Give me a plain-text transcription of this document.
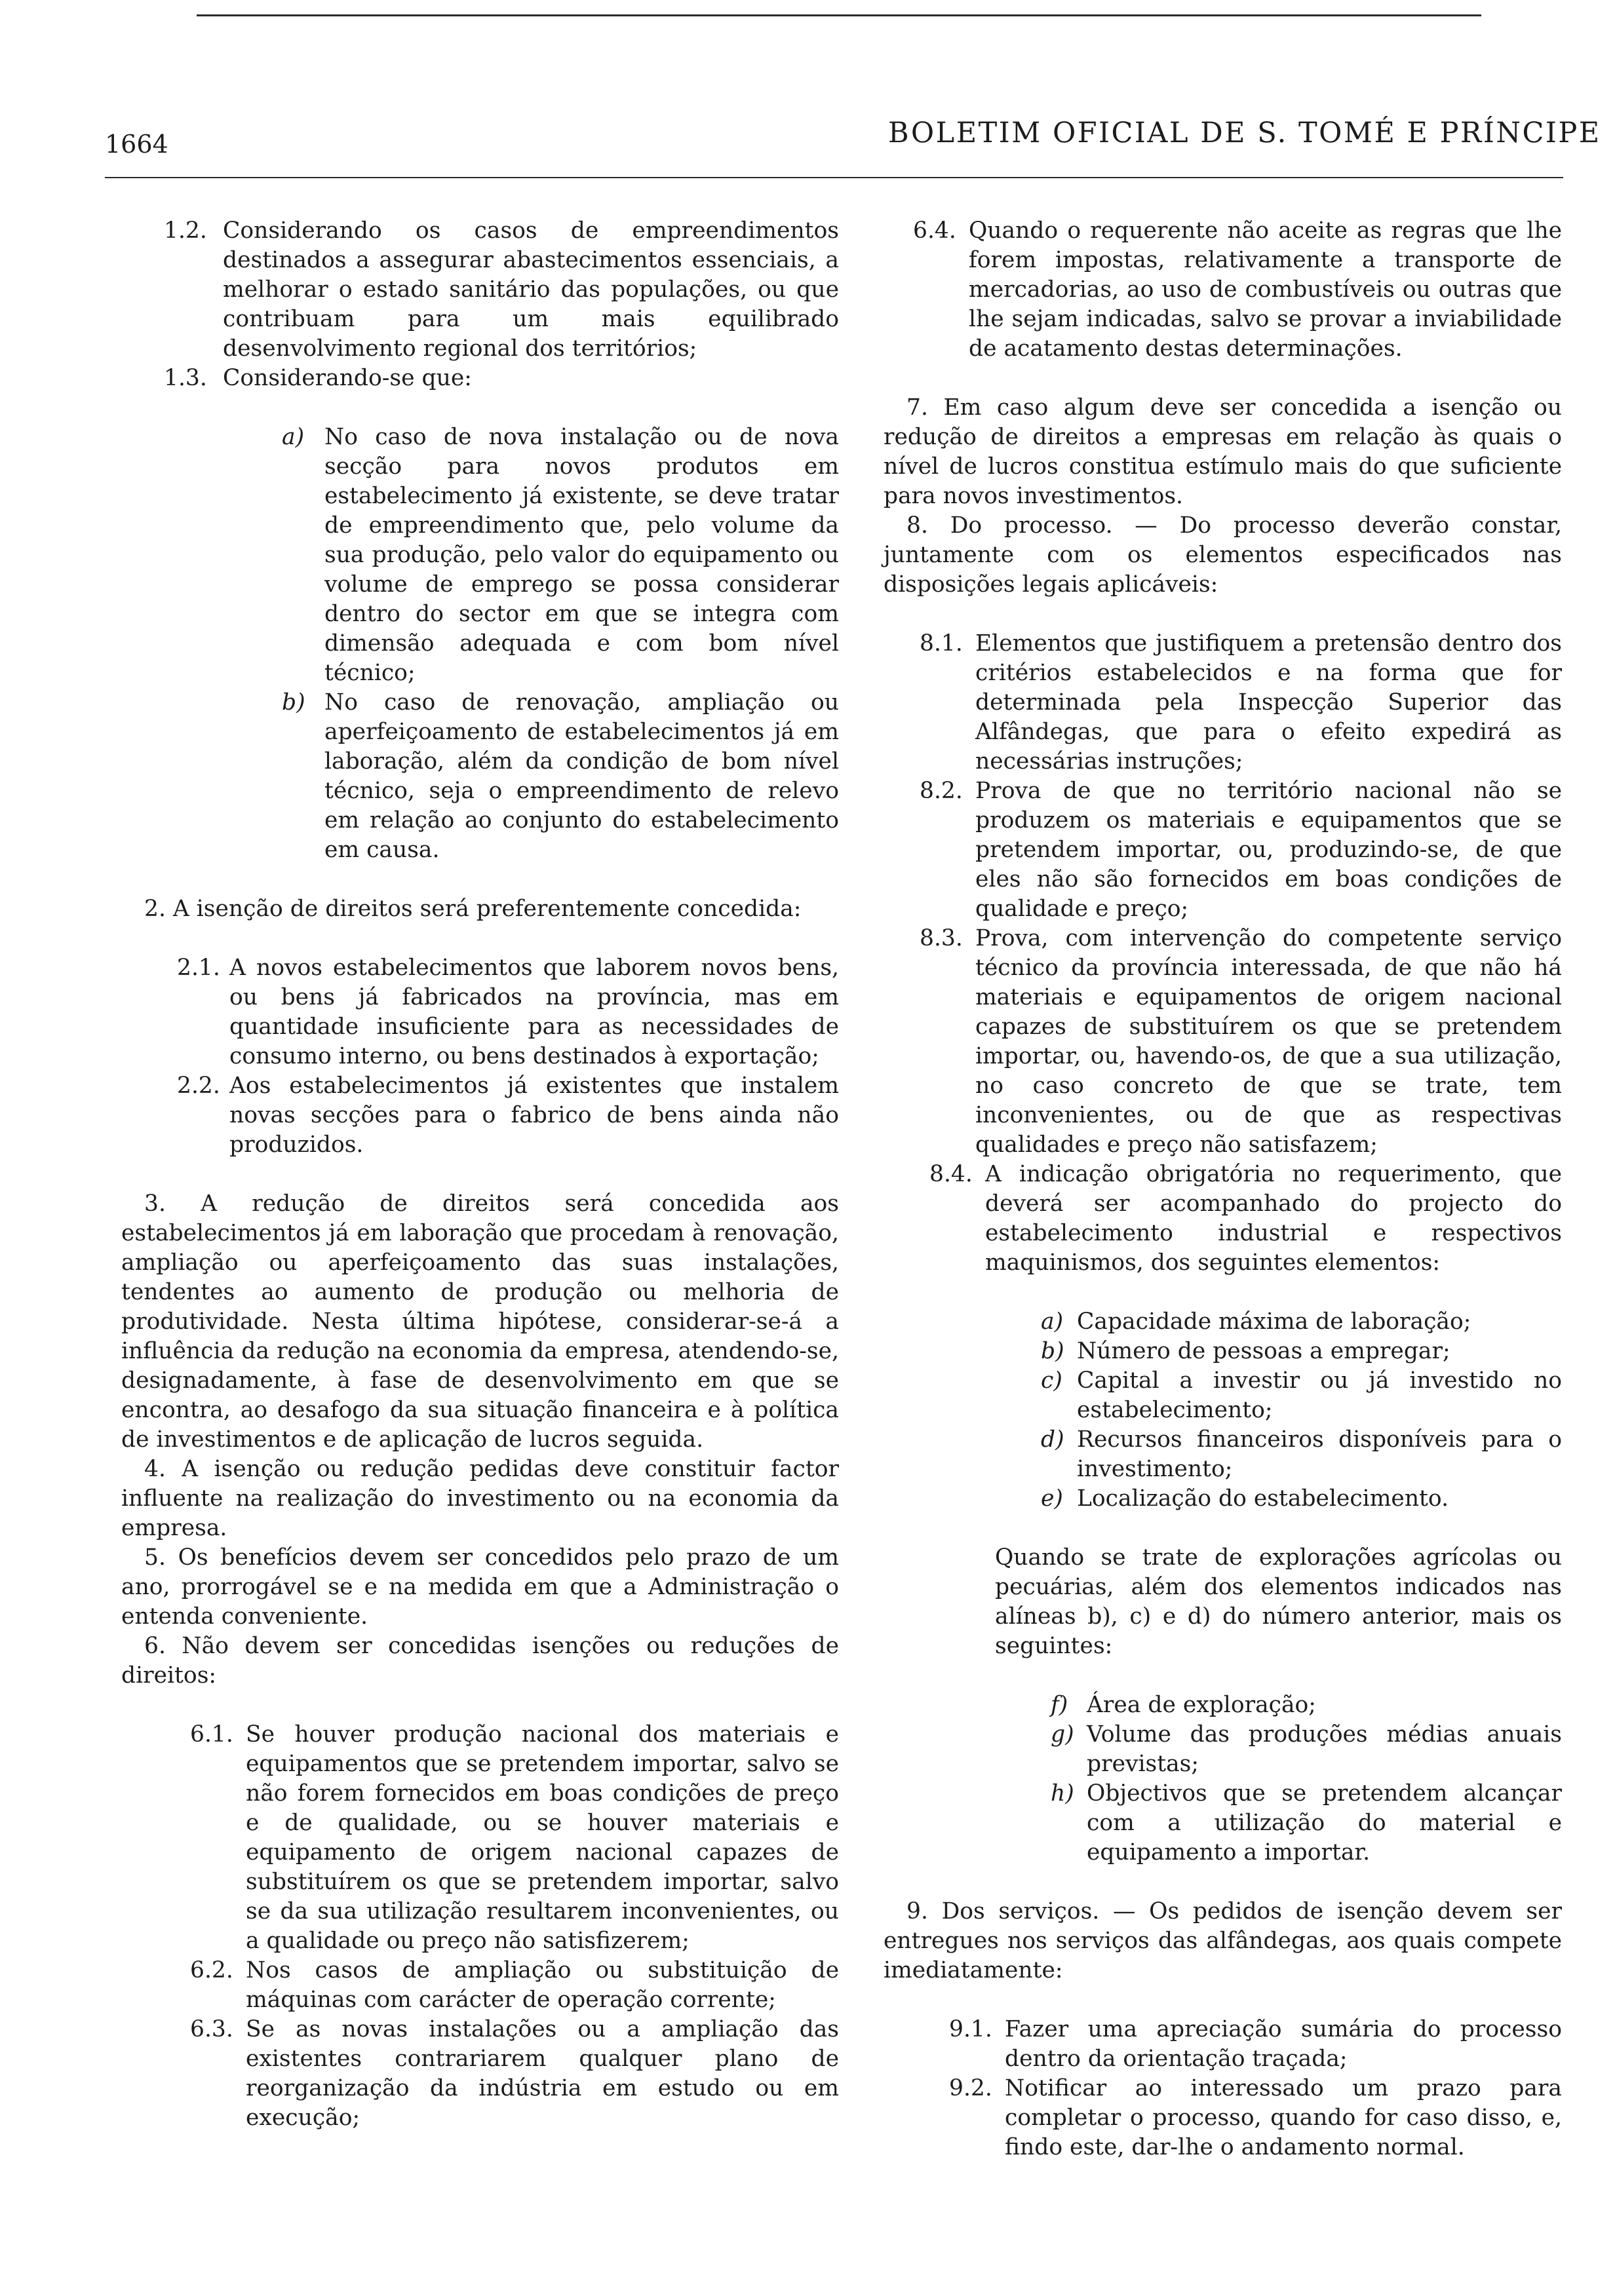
1664	BOLETIM OFICIAL DE S. TOMÉ E PRÍNCIPE

1.2. Considerando os casos de empreendimentos destinados a assegurar abastecimentos essenciais, a melhorar o estado sanitário das populações, ou que contribuam para um mais equilibrado desenvolvimento regional dos territórios;

1.3. Considerando-se que:

a) No caso de nova instalação ou de nova secção para novos produtos em estabelecimento já existente, se deve tratar de empreendimento que, pelo volume da sua produção, pelo valor do equipamento ou volume de emprego se possa considerar dentro do sector em que se integra com dimensão adequada e com bom nível técnico;

b) No caso de renovação, ampliação ou aperfeiçoamento de estabelecimentos já em laboração, além da condição de bom nível técnico, seja o empreendimento de relevo em relação ao conjunto do estabelecimento em causa.

2. A isenção de direitos será preferentemente concedida:

2.1. A novos estabelecimentos que laborem novos bens, ou bens já fabricados na província, mas em quantidade insuficiente para as necessidades de consumo interno, ou bens destinados à exportação;

2.2. Aos estabelecimentos já existentes que instalem novas secções para o fabrico de bens ainda não produzidos.

3. A redução de direitos será concedida aos estabelecimentos já em laboração que procedam à renovação, ampliação ou aperfeiçoamento das suas instalações, tendentes ao aumento de produção ou melhoria de produtividade. Nesta última hipótese, considerar-se-á a influência da redução na economia da empresa, atendendo-se, designadamente, à fase de desenvolvimento em que se encontra, ao desafogo da sua situação financeira e à política de investimentos e de aplicação de lucros seguida.

4. A isenção ou redução pedidas deve constituir factor influente na realização do investimento ou na economia da empresa.

5. Os benefícios devem ser concedidos pelo prazo de um ano, prorrogável se e na medida em que a Administração o entenda conveniente.

6. Não devem ser concedidas isenções ou reduções de direitos:

6.1. Se houver produção nacional dos materiais e equipamentos que se pretendem importar, salvo se não forem fornecidos em boas condições de preço e de qualidade, ou se houver materiais e equipamento de origem nacional capazes de substituírem os que se pretendem importar, salvo se da sua utilização resultarem inconvenientes, ou a qualidade ou preço não satisfizerem;

6.2. Nos casos de ampliação ou substituição de máquinas com carácter de operação corrente;

6.3. Se as novas instalações ou a ampliação das existentes contrariarem qualquer plano de reorganização da indústria em estudo ou em execução;

6.4. Quando o requerente não aceite as regras que lhe forem impostas, relativamente a transporte de mercadorias, ao uso de combustíveis ou outras que lhe sejam indicadas, salvo se provar a inviabilidade de acatamento destas determinações.

7. Em caso algum deve ser concedida a isenção ou redução de direitos a empresas em relação às quais o nível de lucros constitua estímulo mais do que suficiente para novos investimentos.

8. Do processo. — Do processo deverão constar, juntamente com os elementos especificados nas disposições legais aplicáveis:

8.1. Elementos que justifiquem a pretensão dentro dos critérios estabelecidos e na forma que for determinada pela Inspecção Superior das Alfândegas, que para o efeito expedirá as necessárias instruções;

8.2. Prova de que no território nacional não se produzem os materiais e equipamentos que se pretendem importar, ou, produzindo-se, de que eles não são fornecidos em boas condições de qualidade e preço;

8.3. Prova, com intervenção do competente serviço técnico da província interessada, de que não há materiais e equipamentos de origem nacional capazes de substituírem os que se pretendem importar, ou, havendo-os, de que a sua utilização, no caso concreto de que se trate, tem inconvenientes, ou de que as respectivas qualidades e preço não satisfazem;

8.4. A indicação obrigatória no requerimento, que deverá ser acompanhado do projecto do estabelecimento industrial e respectivos maquinismos, dos seguintes elementos:

a) Capacidade máxima de laboração;

b) Número de pessoas a empregar;

c) Capital a investir ou já investido no estabelecimento;

d) Recursos financeiros disponíveis para o investimento;

e) Localização do estabelecimento.

Quando se trate de explorações agrícolas ou pecuárias, além dos elementos indicados nas alíneas b), c) e d) do número anterior, mais os seguintes:

f) Área de exploração;

g) Volume das produções médias anuais previstas;

h) Objectivos que se pretendem alcançar com a utilização do material e equipamento a importar.

9. Dos serviços. — Os pedidos de isenção devem ser entregues nos serviços das alfândegas, aos quais compete imediatamente:

9.1. Fazer uma apreciação sumária do processo dentro da orientação traçada;

9.2. Notificar ao interessado um prazo para completar o processo, quando for caso disso, e, findo este, dar-lhe o andamento normal.
